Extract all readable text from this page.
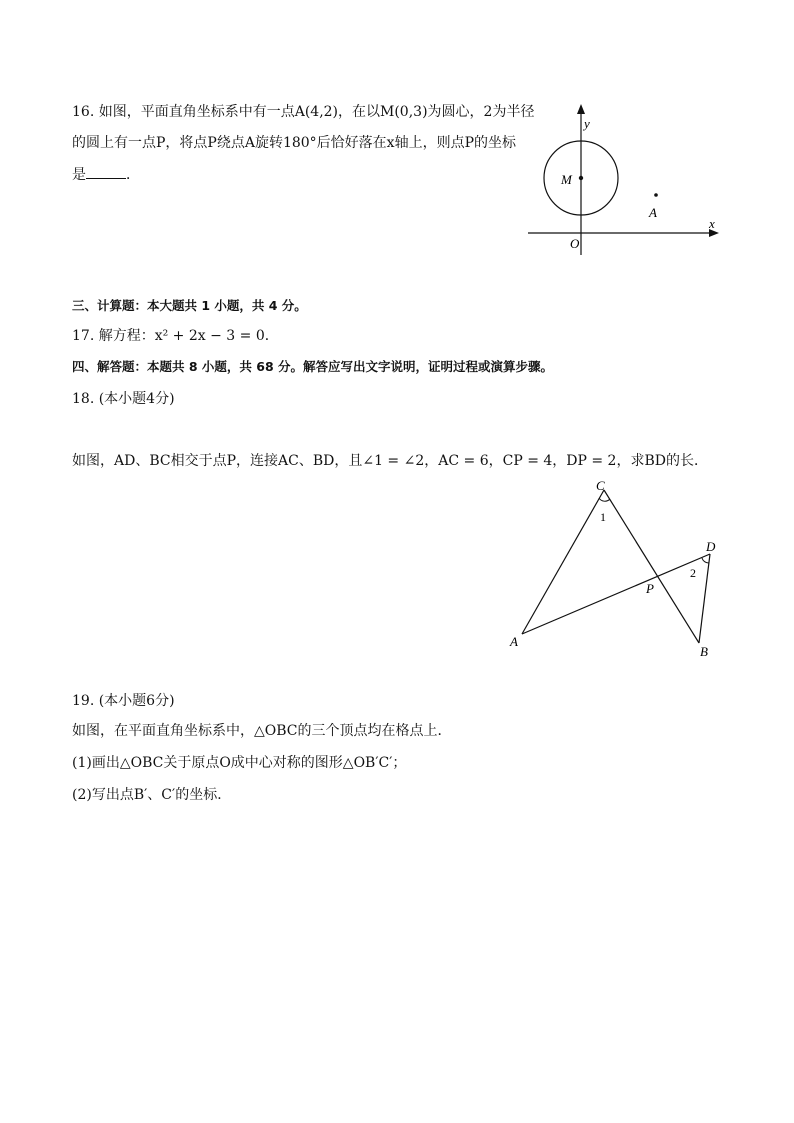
16. 如图，平面直角坐标系中有一点A(4,2)，在以M(0,3)为圆心，2为半径
的圆上有一点P，将点P绕点A旋转180°后恰好落在x轴上，则点P的坐标
是	．
y
x
M
A
O
三、计算题：本大题共 1 小题，共 4 分。
17. 解方程：x² + 2x − 3 = 0．
四、解答题：本题共 8 小题，共 68 分。解答应写出文字说明，证明过程或演算步骤。
18. (本小题4分)
如图，AD、BC相交于点P，连接AC、BD，且∠1 = ∠2，AC = 6，CP = 4，DP = 2，求BD的长．
C
D
A
B
P
1
2
19. (本小题6分)
如图，在平面直角坐标系中，△OBC的三个顶点均在格点上．
(1)画出△OBC关于原点O成中心对称的图形△OB′C′；
(2)写出点B′、C′的坐标．
